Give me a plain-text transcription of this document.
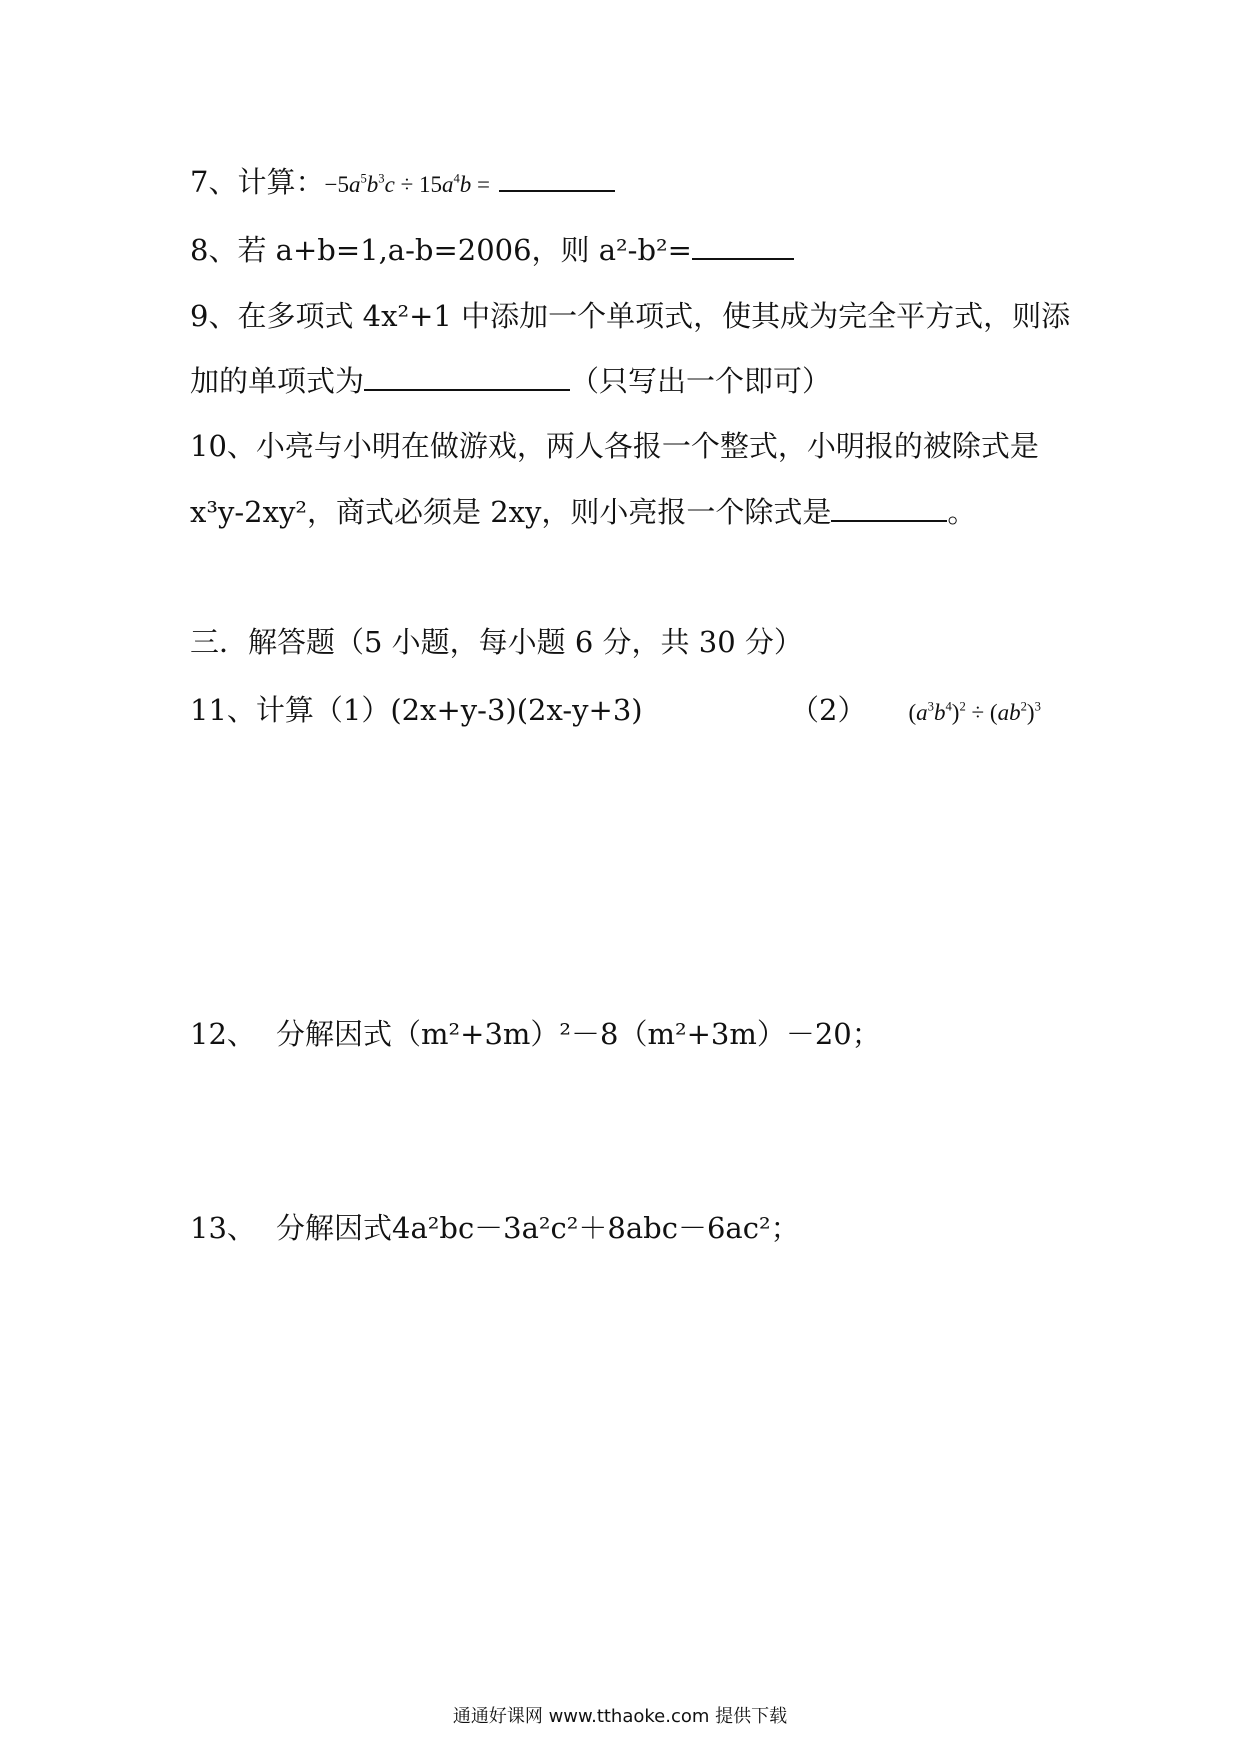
7、计算：$-5a^5b^3c \div 15a^4b$ =
8、若 a+b=1,a-b=2006，则 a²-b²=
9、在多项式 4x²+1 中添加一个单项式，使其成为完全平方式，则添
加的单项式为	（只写出一个即可）
10、小亮与小明在做游戏，两人各报一个整式，小明报的被除式是
x³y-2xy²，商式必须是 2xy，则小亮报一个除式是	。
三．解答题（5 小题，每小题 6 分，共 30 分）
11、计算（1）(2x+y-3)(2x-y+3)	（2） $(a^3b^4)^2 \div (ab^2)^3$
12、 分解因式（m²+3m）²－8（m²+3m）－20；
13、 分解因式4a²bc－3a²c²＋8abc－6ac²；
通通好课网 www.tthaoke.com 提供下载
